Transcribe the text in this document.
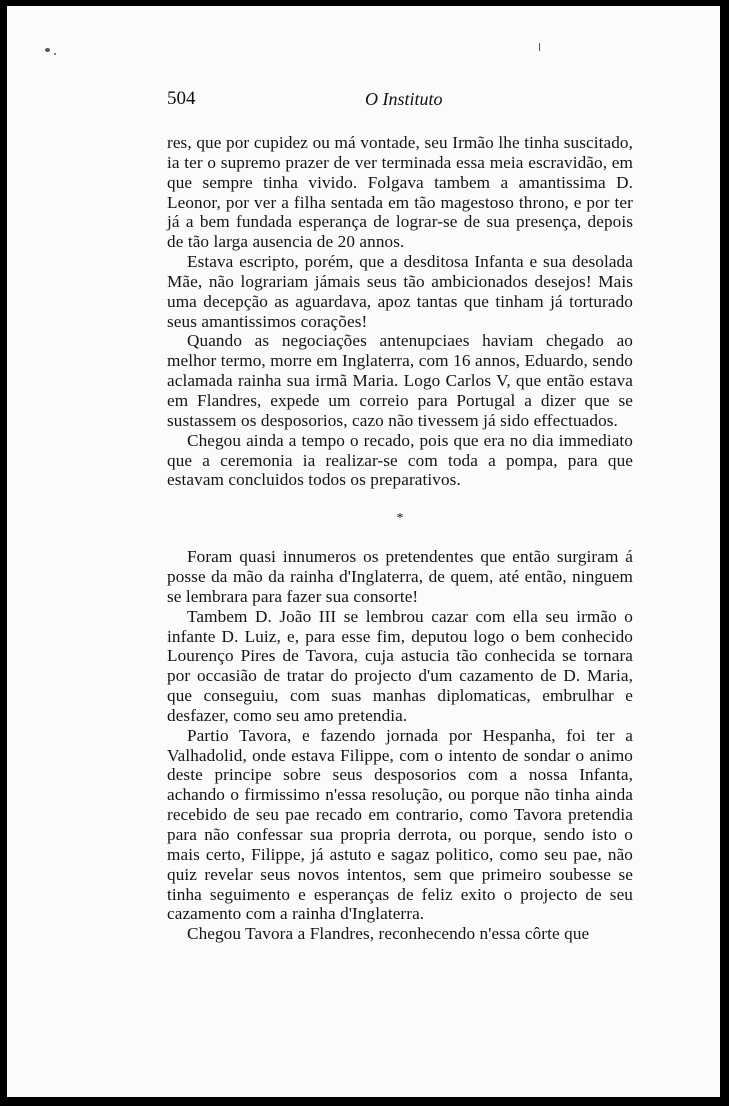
504	O Instituto

res, que por cupidez ou má vontade, seu Irmão lhe tinha suscitado, ia ter o supremo prazer de ver terminada essa meia escravidão, em que sempre tinha vivido. Folgava tambem a amantissima D. Leonor, por ver a filha sentada em tão magestoso throno, e por ter já a bem fundada esperança de lograr-se de sua presença, depois de tão larga ausencia de 20 annos.

Estava escripto, porém, que a desditosa Infanta e sua desolada Mãe, não lograriam jámais seus tão ambicionados desejos! Mais uma decepção as aguardava, apoz tantas que tinham já torturado seus amantissimos corações!

Quando as negociações antenupciaes haviam chegado ao melhor termo, morre em Inglaterra, com 16 annos, Eduardo, sendo aclamada rainha sua irmã Maria. Logo Carlos V, que então estava em Flandres, expede um correio para Portugal a dizer que se sustassem os desposorios, cazo não tivessem já sido effectuados.

Chegou ainda a tempo o recado, pois que era no dia immediato que a ceremonia ia realizar-se com toda a pompa, para que estavam concluidos todos os preparativos.

*

Foram quasi innumeros os pretendentes que então surgiram á posse da mão da rainha d'Inglaterra, de quem, até então, ninguem se lembrara para fazer sua consorte!

Tambem D. João III se lembrou cazar com ella seu irmão o infante D. Luiz, e, para esse fim, deputou logo o bem conhecido Lourenço Pires de Tavora, cuja astucia tão conhecida se tornara por occasião de tratar do projecto d'um cazamento de D. Maria, que conseguiu, com suas manhas diplomaticas, embrulhar e desfazer, como seu amo pretendia.

Partio Tavora, e fazendo jornada por Hespanha, foi ter a Valhadolid, onde estava Filippe, com o intento de sondar o animo deste principe sobre seus desposorios com a nossa Infanta, achando o firmissimo n'essa resolução, ou porque não tinha ainda recebido de seu pae recado em contrario, como Tavora pretendia para não confessar sua propria derrota, ou porque, sendo isto o mais certo, Filippe, já astuto e sagaz politico, como seu pae, não quiz revelar seus novos intentos, sem que primeiro soubesse se tinha seguimento e esperanças de feliz exito o projecto de seu cazamento com a rainha d'Inglaterra.

Chegou Tavora a Flandres, reconhecendo n'essa côrte que
